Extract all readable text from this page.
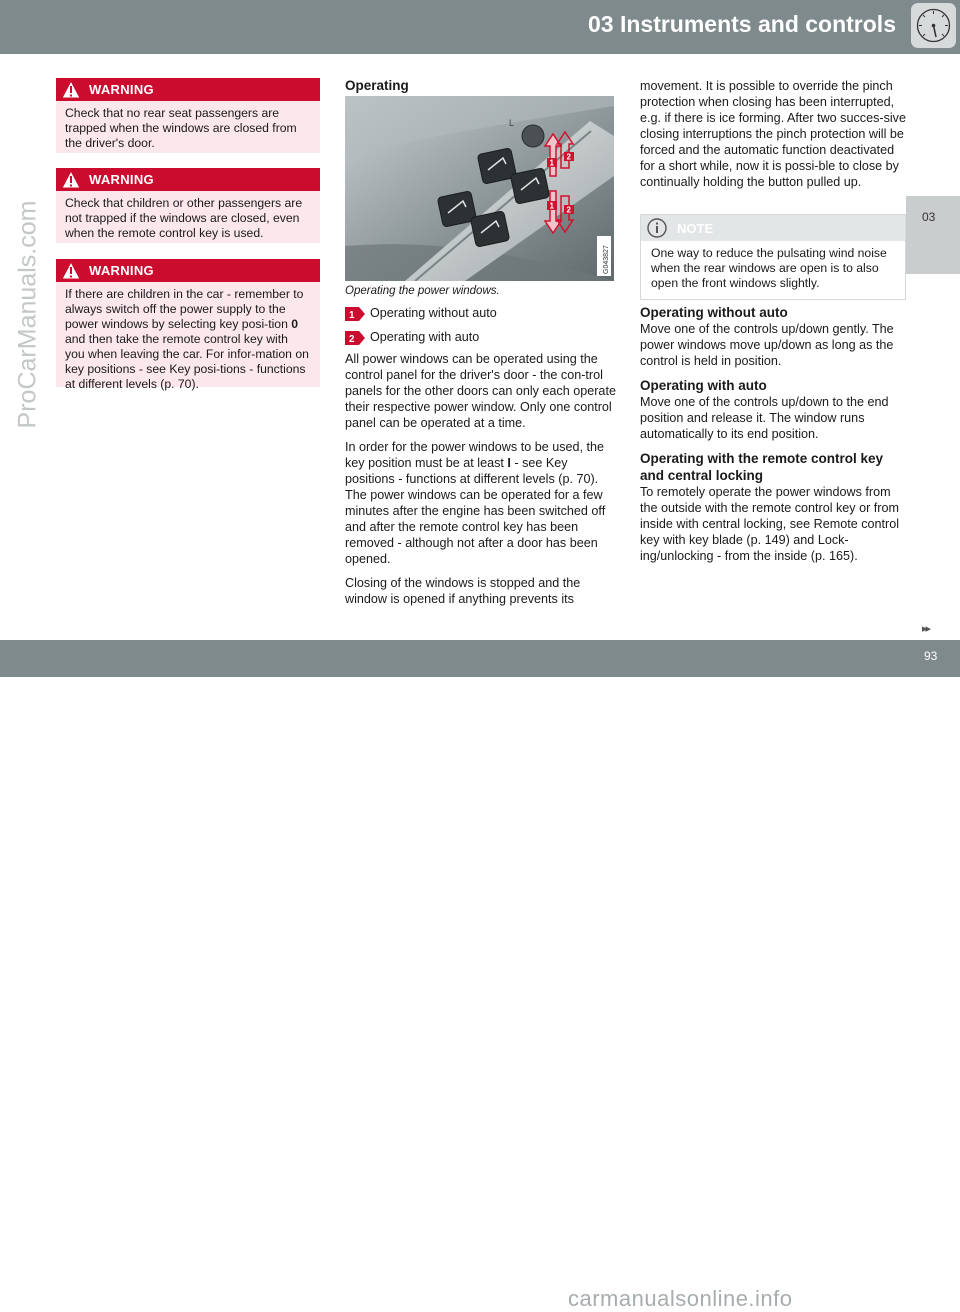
03 Instruments and controls
03
ProCarManuals.com
WARNING
Check that no rear seat passengers are trapped when the windows are closed from the driver's door.
WARNING
Check that children or other passengers are not trapped if the windows are closed, even when the remote control key is used.
WARNING
If there are children in the car - remember to always switch off the power supply to the power windows by selecting key posi-tion 0 and then take the remote control key with you when leaving the car. For infor-mation on key positions - see Key posi-tions - functions at different levels (p. 70).
Operating
L
1
1
2
2
G043827
Operating the power windows.
1 Operating without auto
2 Operating with auto

All power windows can be operated using the control panel for the driver's door - the con-trol panels for the other doors can only each operate their respective power window. Only one control panel can be operated at a time.

In order for the power windows to be used, the key position must be at least I - see Key positions - functions at different levels (p. 70). The power windows can be operated for a few minutes after the engine has been switched off and after the remote control key has been removed - although not after a door has been opened.

Closing of the windows is stopped and the window is opened if anything prevents its

movement. It is possible to override the pinch protection when closing has been interrupted, e.g. if there is ice forming. After two succes-sive closing interruptions the pinch protection will be forced and the automatic function deactivated for a short while, now it is possi-ble to close by continually holding the button pulled up.

NOTE
One way to reduce the pulsating wind noise when the rear windows are open is to also open the front windows slightly.
Operating without auto

Move one of the controls up/down gently. The power windows move up/down as long as the control is held in position.

Operating with auto

Move one of the controls up/down to the end position and release it. The window runs automatically to its end position.

Operating with the remote control key and central locking

To remotely operate the power windows from the outside with the remote control key or from inside with central locking, see Remote control key with key blade (p. 149) and Lock-ing/unlocking - from the inside (p. 165).

▸▸
carmanualsonline.info
93
